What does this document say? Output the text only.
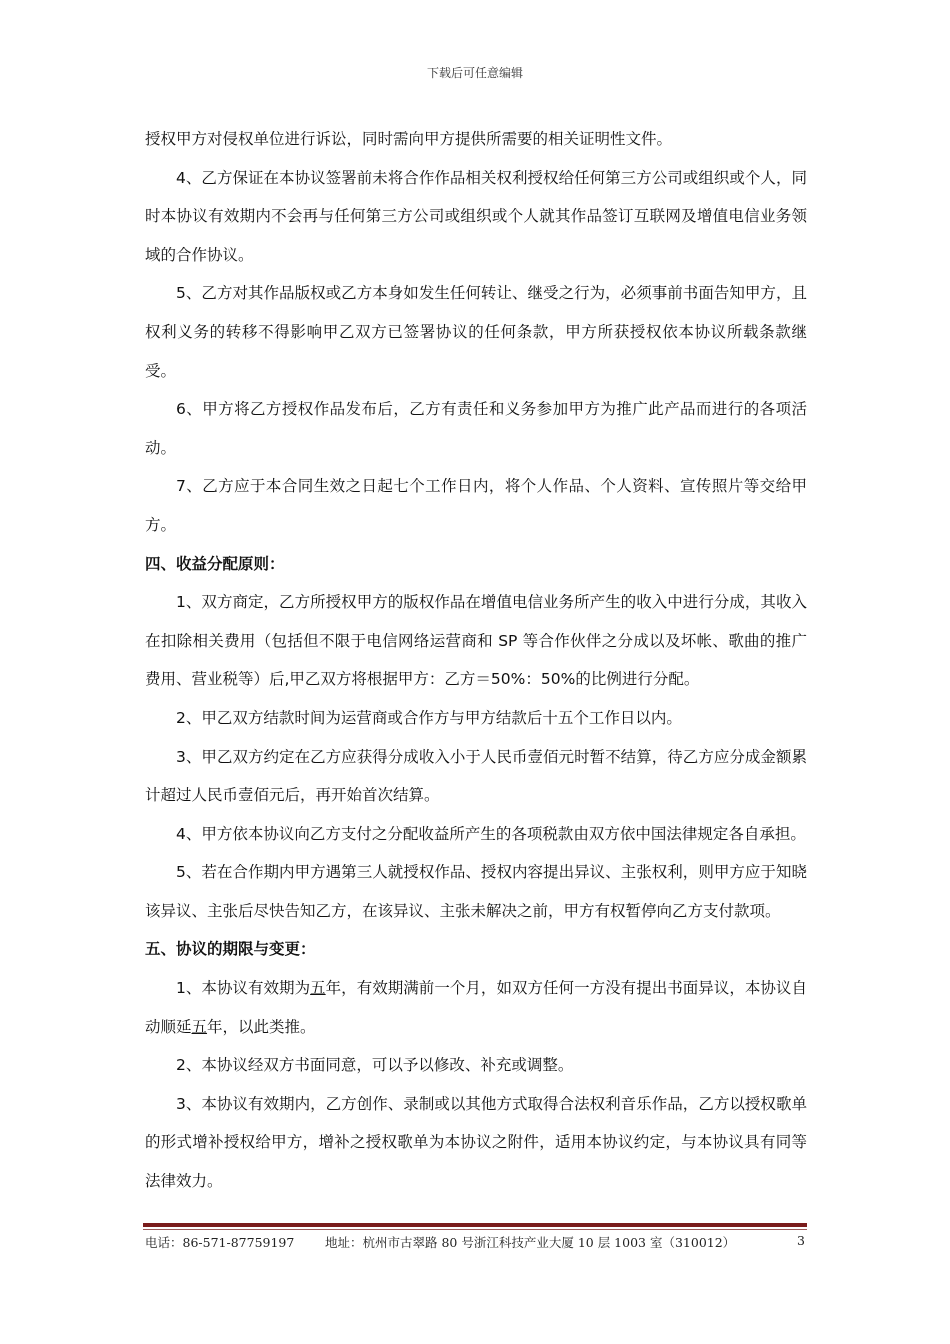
下载后可任意编辑

授权甲方对侵权单位进行诉讼，同时需向甲方提供所需要的相关证明性文件。

4、乙方保证在本协议签署前未将合作作品相关权利授权给任何第三方公司或组织或个人，同时本协议有效期内不会再与任何第三方公司或组织或个人就其作品签订互联网及增值电信业务领域的合作协议。

5、乙方对其作品版权或乙方本身如发生任何转让、继受之行为，必须事前书面告知甲方，且权利义务的转移不得影响甲乙双方已签署协议的任何条款，甲方所获授权依本协议所载条款继受。

6、甲方将乙方授权作品发布后，乙方有责任和义务参加甲方为推广此产品而进行的各项活动。

7、乙方应于本合同生效之日起七个工作日内，将个人作品、个人资料、宣传照片等交给甲方。

四、收益分配原则：

1、双方商定，乙方所授权甲方的版权作品在增值电信业务所产生的收入中进行分成，其收入在扣除相关费用（包括但不限于电信网络运营商和 SP 等合作伙伴之分成以及坏帐、歌曲的推广费用、营业税等）后,甲乙双方将根据甲方：乙方＝50%：50%的比例进行分配。

2、甲乙双方结款时间为运营商或合作方与甲方结款后十五个工作日以内。

3、甲乙双方约定在乙方应获得分成收入小于人民币壹佰元时暂不结算，待乙方应分成金额累计超过人民币壹佰元后，再开始首次结算。

4、甲方依本协议向乙方支付之分配收益所产生的各项税款由双方依中国法律规定各自承担。

5、若在合作期内甲方遇第三人就授权作品、授权内容提出异议、主张权利，则甲方应于知晓该异议、主张后尽快告知乙方，在该异议、主张未解决之前，甲方有权暂停向乙方支付款项。

五、协议的期限与变更：

1、本协议有效期为五年，有效期满前一个月，如双方任何一方没有提出书面异议，本协议自动顺延五年，以此类推。

2、本协议经双方书面同意，可以予以修改、补充或调整。

3、本协议有效期内，乙方创作、录制或以其他方式取得合法权利音乐作品，乙方以授权歌单的形式增补授权给甲方，增补之授权歌单为本协议之附件，适用本协议约定，与本协议具有同等法律效力。

电话：86-571-87759197 地址：杭州市古翠路 80 号浙江科技产业大厦 10 层 1003 室（310012）	3
